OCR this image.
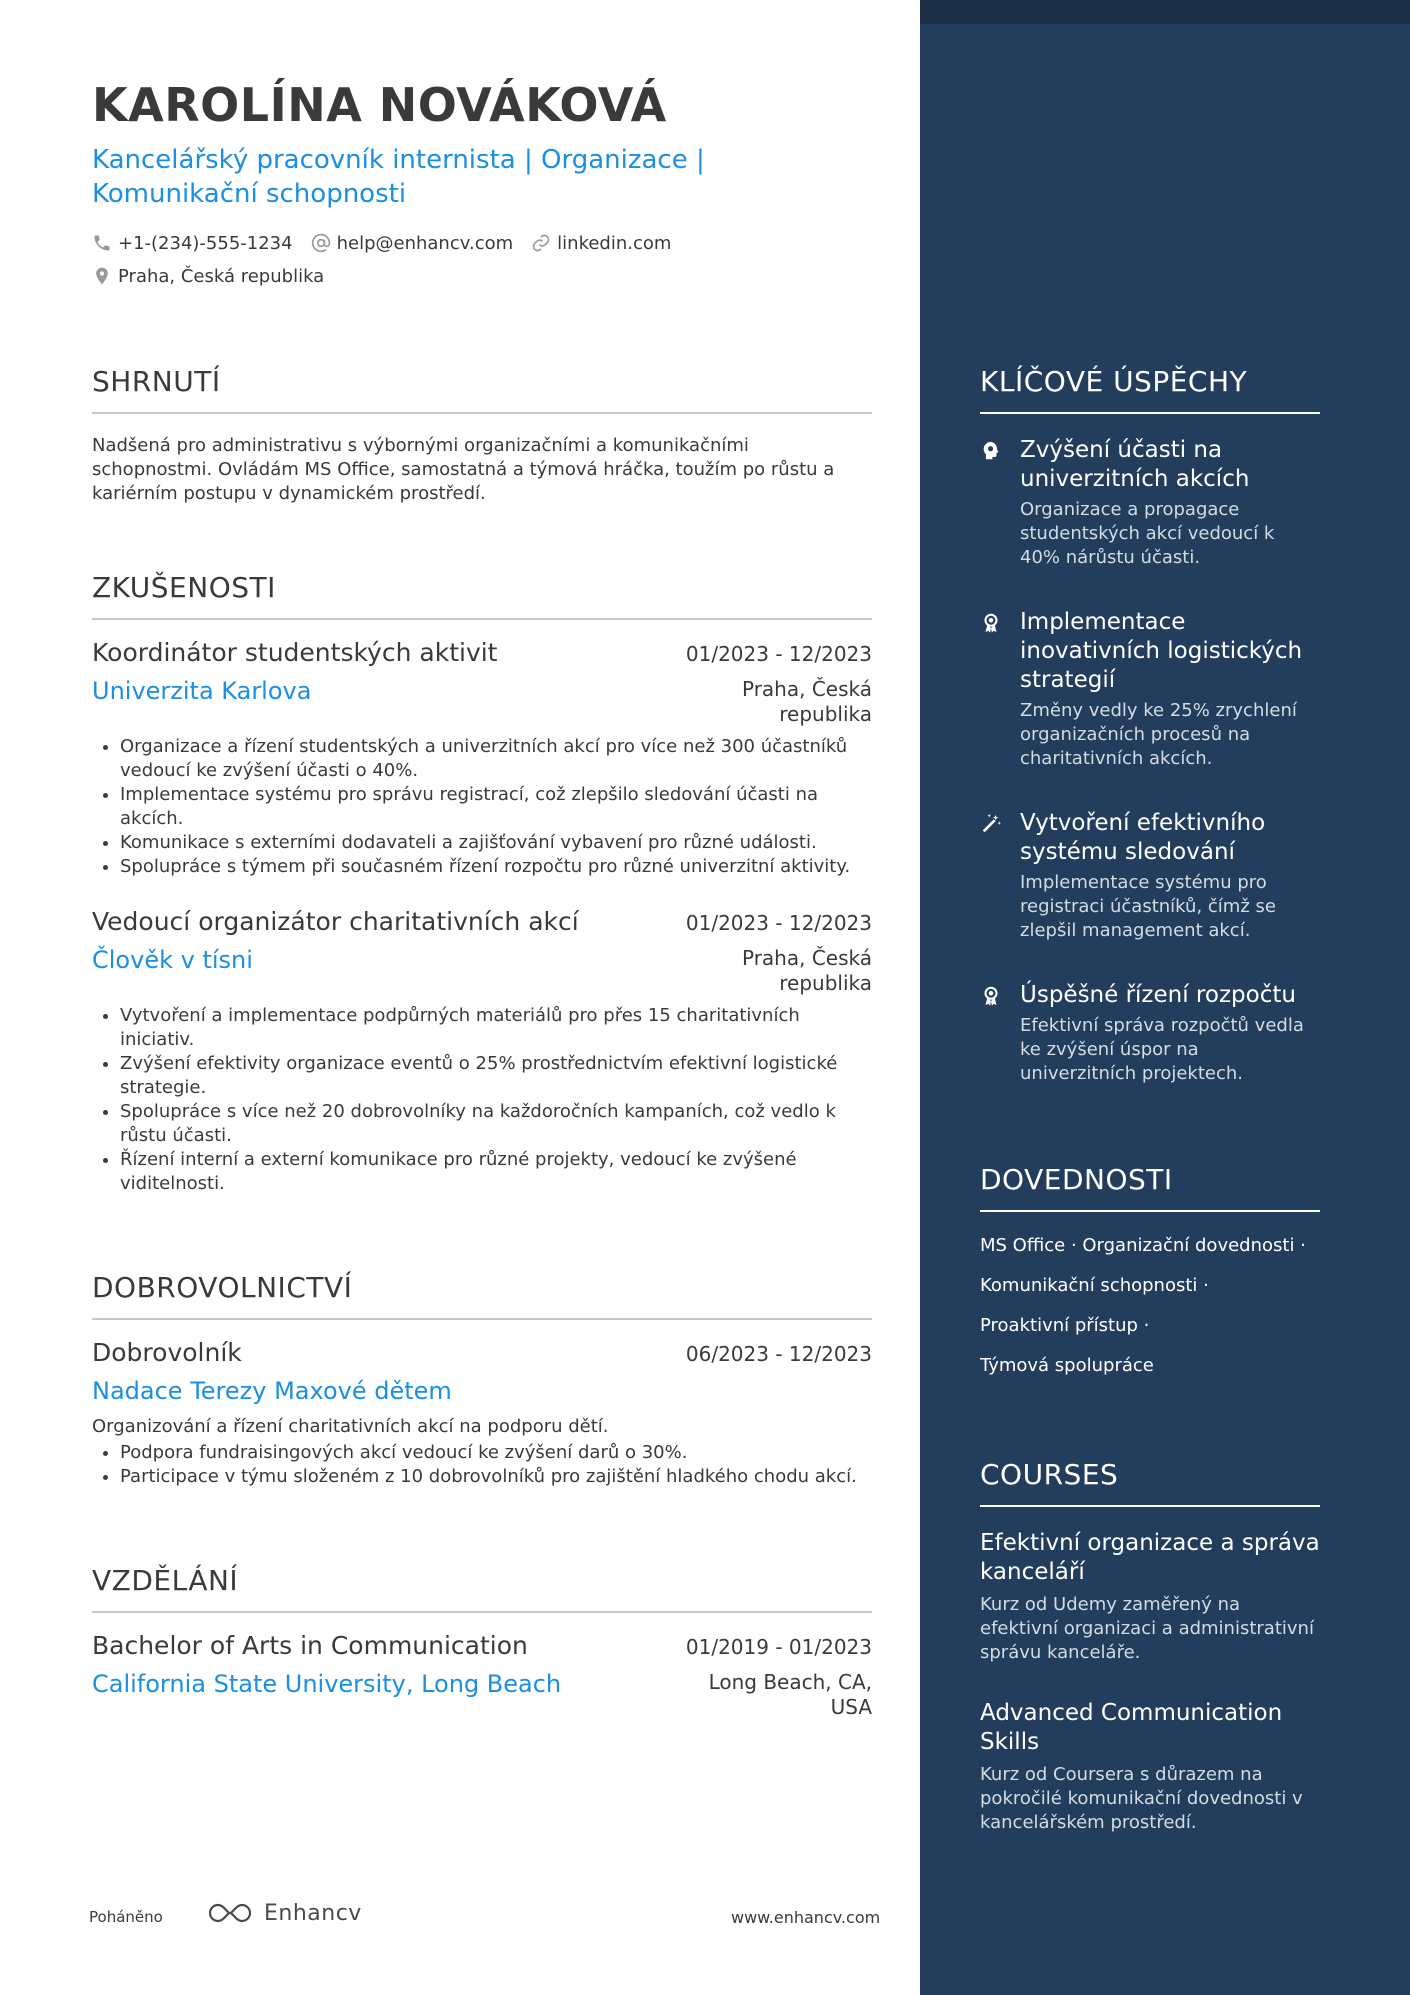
KAROLÍNA NOVÁKOVÁ
Kancelářský pracovník internista | Organizace | Komunikační schopnosti
+1-(234)-555-1234 help@enhancv.com linkedin.com
Praha, Česká republika
SHRNUTÍ
Nadšená pro administrativu s výbornými organizačními a komunikačními schopnostmi. Ovládám MS Office, samostatná a týmová hráčka, toužím po růstu a kariérním postupu v dynamickém prostředí.
ZKUŠENOSTI
Koordinátor studentských aktivit	01/2023 - 12/2023
Univerzita Karlova	Praha, Česká republika
• Organizace a řízení studentských a univerzitních akcí pro více než 300 účastníků vedoucí ke zvýšení účasti o 40%.
• Implementace systému pro správu registrací, což zlepšilo sledování účasti na akcích.
• Komunikace s externími dodavateli a zajišťování vybavení pro různé události.
• Spolupráce s týmem při současném řízení rozpočtu pro různé univerzitní aktivity.
Vedoucí organizátor charitativních akcí	01/2023 - 12/2023
Člověk v tísni	Praha, Česká republika
• Vytvoření a implementace podpůrných materiálů pro přes 15 charitativních iniciativ.
• Zvýšení efektivity organizace eventů o 25% prostřednictvím efektivní logistické strategie.
• Spolupráce s více než 20 dobrovolníky na každoročních kampaních, což vedlo k růstu účasti.
• Řízení interní a externí komunikace pro různé projekty, vedoucí ke zvýšené viditelnosti.
DOBROVOLNICTVÍ
Dobrovolník	06/2023 - 12/2023
Nadace Terezy Maxové dětem
Organizování a řízení charitativních akcí na podporu dětí.
• Podpora fundraisingových akcí vedoucí ke zvýšení darů o 30%.
• Participace v týmu složeném z 10 dobrovolníků pro zajištění hladkého chodu akcí.
VZDĚLÁNÍ
Bachelor of Arts in Communication	01/2019 - 01/2023
California State University, Long Beach	Long Beach, CA, USA
KLÍČOVÉ ÚSPĚCHY
Zvýšení účasti na univerzitních akcích
Organizace a propagace studentských akcí vedoucí k 40% nárůstu účasti.
Implementace inovativních logistických strategií
Změny vedly ke 25% zrychlení organizačních procesů na charitativních akcích.
Vytvoření efektivního systému sledování
Implementace systému pro registraci účastníků, čímž se zlepšil management akcí.
Úspěšné řízení rozpočtu
Efektivní správa rozpočtů vedla ke zvýšení úspor na univerzitních projektech.
DOVEDNOSTI
MS Office · Organizační dovednosti ·
Komunikační schopnosti ·
Proaktivní přístup ·
Týmová spolupráce
COURSES
Efektivní organizace a správa kanceláří
Kurz od Udemy zaměřený na efektivní organizaci a administrativní správu kanceláře.
Advanced Communication Skills
Kurz od Coursera s důrazem na pokročilé komunikační dovednosti v kancelářském prostředí.
Poháněno	Enhancv	www.enhancv.com
